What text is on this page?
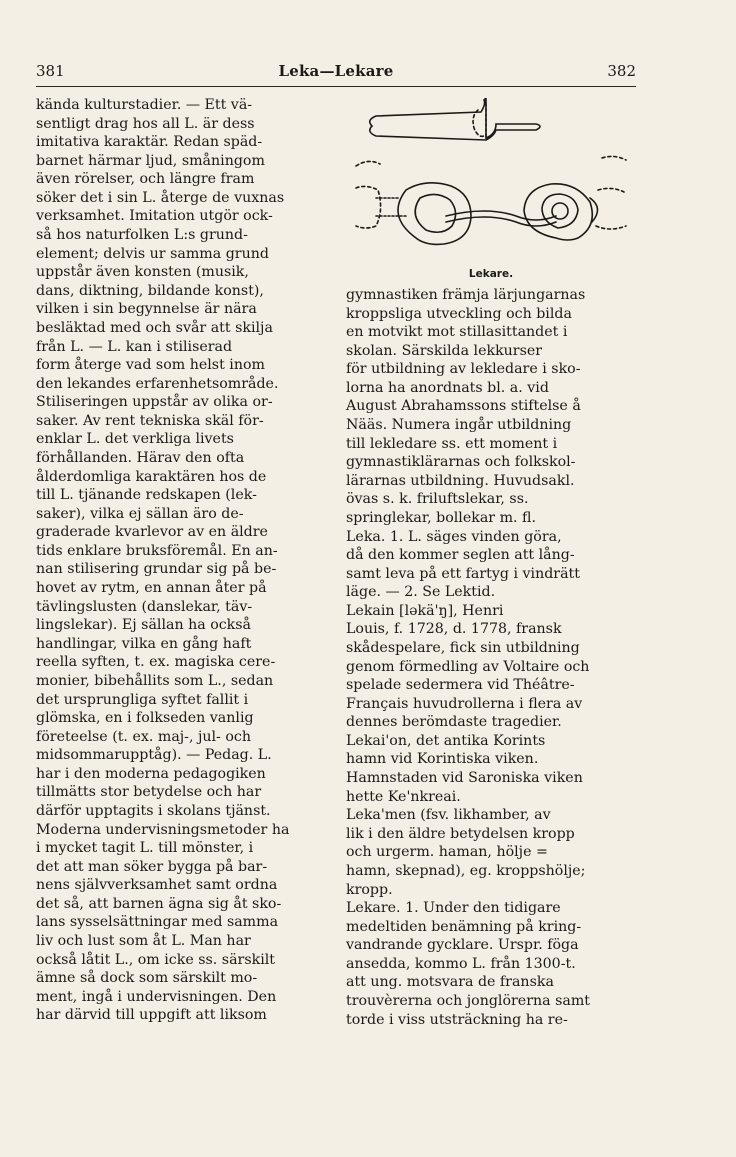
381	Leka—Lekare	382

kända kulturstadier. — Ett vä-

sentligt drag hos all L. är dess

imitativa karaktär. Redan späd-

barnet härmar ljud, småningom

även rörelser, och längre fram

söker det i sin L. återge de vuxnas

verksamhet. Imitation utgör ock-

så hos naturfolken L:s grund-

element; delvis ur samma grund

uppstår även konsten (musik,

dans, diktning, bildande konst),

vilken i sin begynnelse är nära

besläktad med och svår att skilja

från L. — L. kan i stiliserad

form återge vad som helst inom

den lekandes erfarenhetsområde.

Stiliseringen uppstår av olika or-

saker. Av rent tekniska skäl för-

enklar L. det verkliga livets

förhållanden. Härav den ofta

ålderdomliga karaktären hos de

till L. tjänande redskapen (lek-

saker), vilka ej sällan äro de-

graderade kvarlevor av en äldre

tids enklare bruksföremål. En an-

nan stilisering grundar sig på be-

hovet av rytm, en annan åter på

tävlingslusten (danslekar, täv-

lingslekar). Ej sällan ha också

handlingar, vilka en gång haft

reella syften, t. ex. magiska cere-

monier, bibehållits som L., sedan

det ursprungliga syftet fallit i

glömska, en i folkseden vanlig

företeelse (t. ex. maj-, jul- och

midsommarupptåg). — Pedag. L.

har i den moderna pedagogiken

tillmätts stor betydelse och har

därför upptagits i skolans tjänst.

Moderna undervisningsmetoder ha

i mycket tagit L. till mönster, i

det att man söker bygga på bar-

nens självverksamhet samt ordna

det så, att barnen ägna sig åt sko-

lans sysselsättningar med samma

liv och lust som åt L. Man har

också låtit L., om icke ss. särskilt

ämne så dock som särskilt mo-

ment, ingå i undervisningen. Den

har därvid till uppgift att liksom

Lekare.

gymnastiken främja lärjungarnas

kroppsliga utveckling och bilda

en motvikt mot stillasittandet i

skolan. Särskilda lekkurser

för utbildning av lekledare i sko-

lorna ha anordnats bl. a. vid

August Abrahamssons stiftelse å

Nääs. Numera ingår utbildning

till lekledare ss. ett moment i

gymnastiklärarnas och folkskol-

lärarnas utbildning. Huvudsakl.

övas s. k. friluftslekar, ss.

springlekar, bollekar m. fl.

Leka. 1. L. säges vinden göra,

då den kommer seglen att lång-

samt leva på ett fartyg i vindrätt

läge. — 2. Se Lektid.

Lekain [ləkä'ŋ], Henri

Louis, f. 1728, d. 1778, fransk

skådespelare, fick sin utbildning

genom förmedling av Voltaire och

spelade sedermera vid Théâtre-

Français huvudrollerna i flera av

dennes berömdaste tragedier.

Lekai'on, det antika Korints

hamn vid Korintiska viken.

Hamnstaden vid Saroniska viken

hette Ke'nkreai.

Leka'men (fsv. likhamber, av

lik i den äldre betydelsen kropp

och urgerm. haman, hölje =

hamn, skepnad), eg. kroppshölje;

kropp.

Lekare. 1. Under den tidigare

medeltiden benämning på kring-

vandrande gycklare. Urspr. föga

ansedda, kommo L. från 1300-t.

att ung. motsvara de franska

trouvèrerna och jonglörerna samt

torde i viss utsträckning ha re-
